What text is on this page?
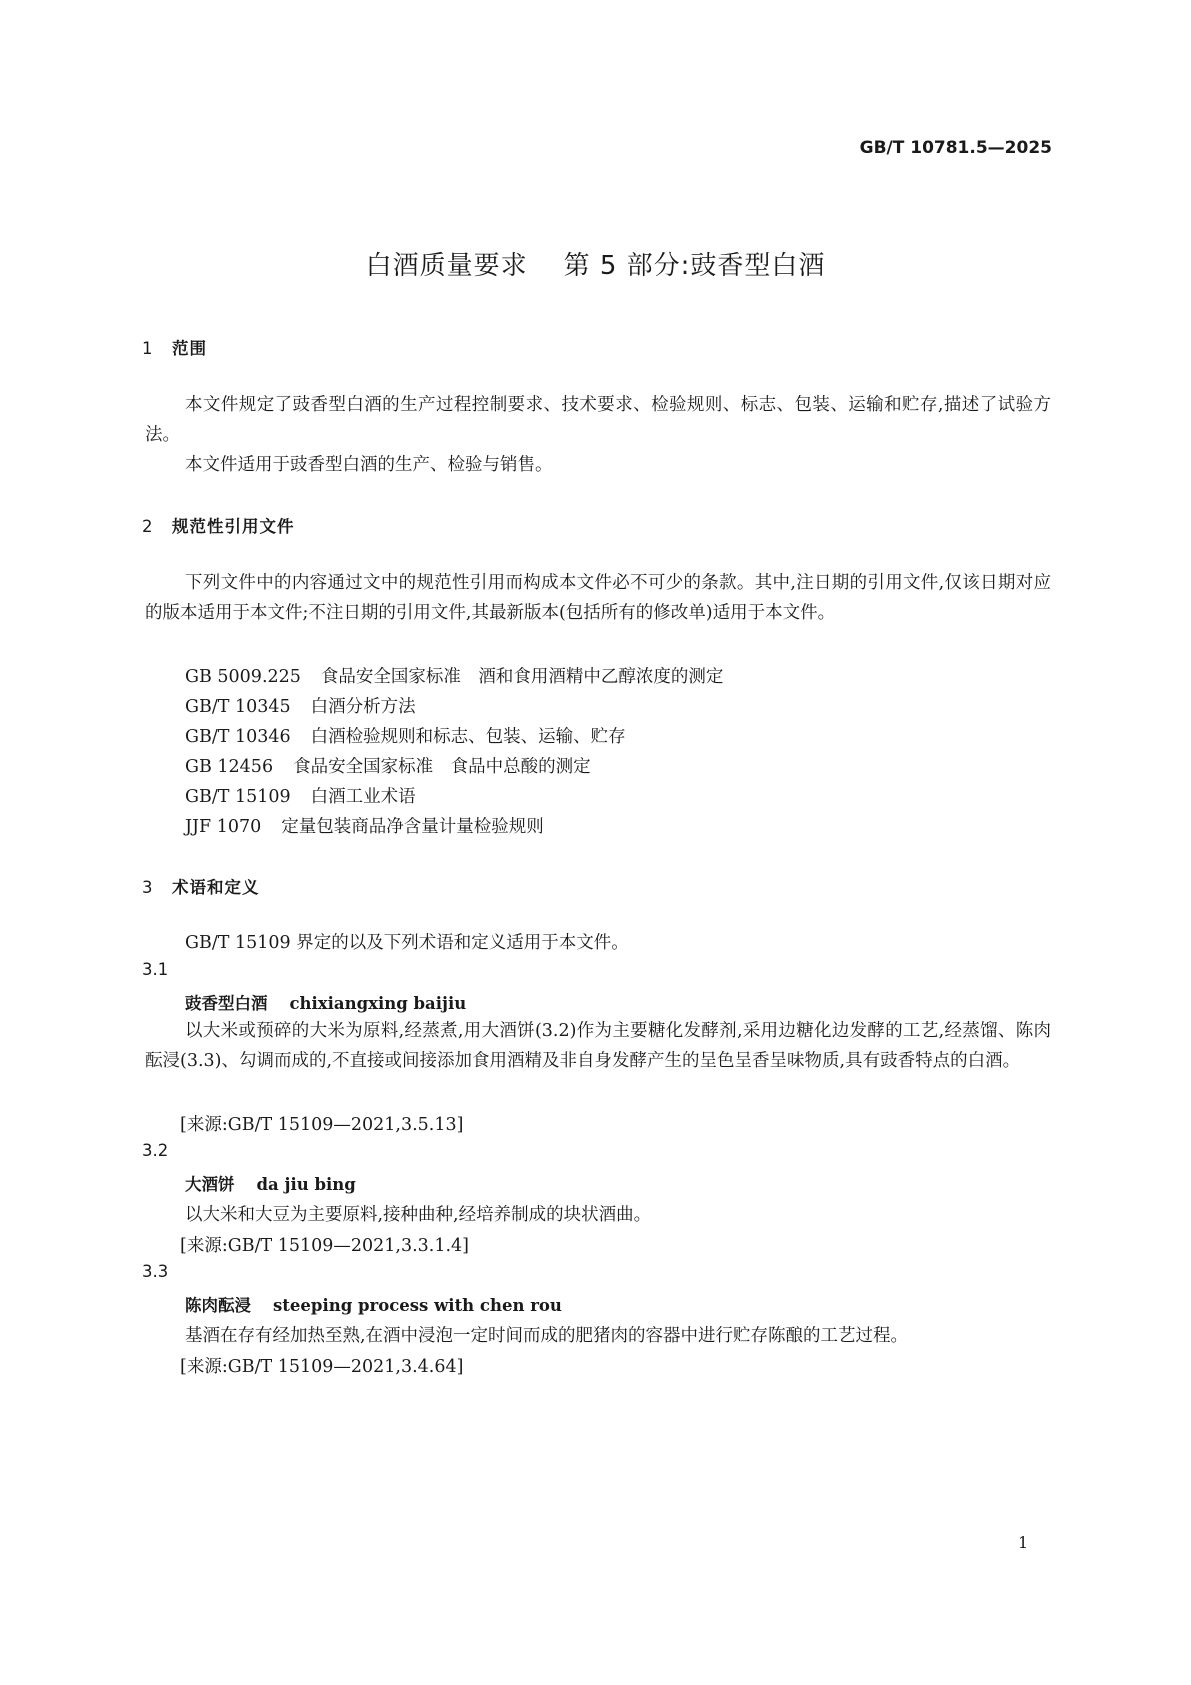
GB/T 10781.5—2025
白酒质量要求 第 5 部分:豉香型白酒
1 范围
本文件规定了豉香型白酒的生产过程控制要求、技术要求、检验规则、标志、包装、运输和贮存,描述了试验方法。
本文件适用于豉香型白酒的生产、检验与销售。
2 规范性引用文件
下列文件中的内容通过文中的规范性引用而构成本文件必不可少的条款。其中,注日期的引用文件,仅该日期对应的版本适用于本文件;不注日期的引用文件,其最新版本(包括所有的修改单)适用于本文件。
GB 5009.225 食品安全国家标准　酒和食用酒精中乙醇浓度的测定
GB/T 10345 白酒分析方法
GB/T 10346 白酒检验规则和标志、包装、运输、贮存
GB 12456 食品安全国家标准　食品中总酸的测定
GB/T 15109 白酒工业术语
JJF 1070 定量包装商品净含量计量检验规则
3 术语和定义
GB/T 15109 界定的以及下列术语和定义适用于本文件。
3.1
豉香型白酒 chixiangxing baijiu
以大米或预碎的大米为原料,经蒸煮,用大酒饼(3.2)作为主要糖化发酵剂,采用边糖化边发酵的工艺,经蒸馏、陈肉酝浸(3.3)、勾调而成的,不直接或间接添加食用酒精及非自身发酵产生的呈色呈香呈味物质,具有豉香特点的白酒。
[来源:GB/T 15109—2021,3.5.13]
3.2
大酒饼 da jiu bing
以大米和大豆为主要原料,接种曲种,经培养制成的块状酒曲。
[来源:GB/T 15109—2021,3.3.1.4]
3.3
陈肉酝浸 steeping process with chen rou
基酒在存有经加热至熟,在酒中浸泡一定时间而成的肥猪肉的容器中进行贮存陈酿的工艺过程。
[来源:GB/T 15109—2021,3.4.64]
1
